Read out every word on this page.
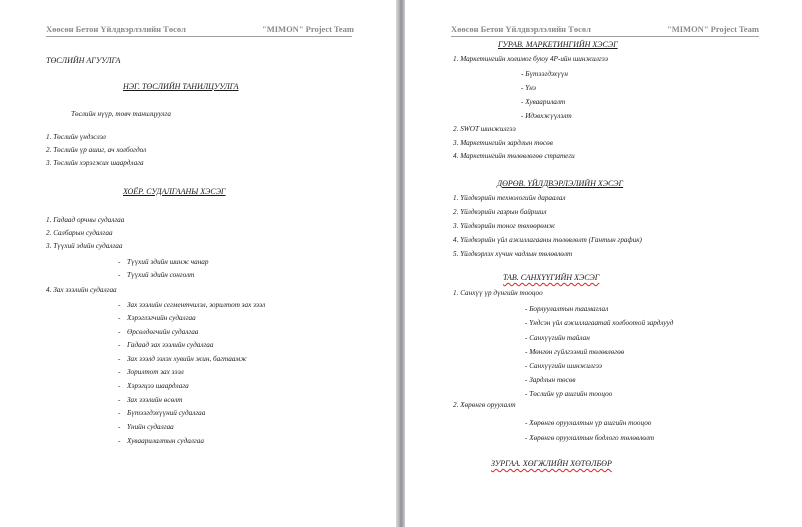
Хөөсөн Бетон Үйлдвэрлэлийн Төсөл	"MIMON" Project Team
ТӨСЛИЙН АГУУЛГА
НЭГ. ТӨСЛИЙН ТАНИЛЦУУЛГА
Төслийн нүүр, товч танилцуулга
1. Төслийн үндэслэл
2. Төслийн үр ашиг, ач холбогдол
3. Төслийн хэрэгжих шаардлага
ХОЁР. СУДАЛГААНЫ ХЭСЭГ
1. Гадаад орчны судалгаа
2. Салбарын судалгаа
3. Түүхий эдийн судалгаа
- Түүхий эдийн шинж чанар
- Түүхий эдийн сонголт
4. Зах зээлийн судалгаа
- Зах зээлийн сегментчилэл, зорилтот зах зээл
- Хэрэглэгчийн судалгаа
- Өрсөлдөгчийн судалгаа
- Гадаад зах зээлийн судалгаа
- Зах зээлд эзлэх хувийн жин, багтаамж
- Зорилтот зах зээл
- Хэрэгцээ шаардлага
- Зах зээлийн өсөлт
- Бүтээгдэхүүний судалгаа
- Үнийн судалгаа
- Хуваарилалтын судалгаа
Хөөсөн Бетон Үйлдвэрлэлийн Төсөл	"MIMON" Project Team
ГУРАВ. МАРКЕТИНГИЙН ХЭСЭГ
1. Маркетингийн холимог буюу 4P-ийн шинжилгээ
- Бүтээгдэхүүн
- Үнэ
- Хуваарилалт
- Идэвхжүүлэлт
2. SWOT шинжилгээ
3. Маркетингийн зардлын төсөв
4. Маркетингийн төлөвлөгөө стратеги
ДӨРӨВ. ҮЙЛДВЭРЛЭЛИЙН ХЭСЭГ
1. Үйлдвэрийн технологийн дараалал
2. Үйлдвэрийн газрын байршил
3. Үйлдвэрийн тоног төхөөрөмж
4. Үйлдвэрийн үйл ажиллагааны төлөвлөлт (Гантын график)
5. Үйлдвэрлэх хүчин чадлын төлөвлөлт
ТАВ. САНХҮҮГИЙН ХЭСЭГ
1. Санхүү үр дүнгийн тооцоо
- Борлуулалтын таамаглал
- Үндсэн үйл ажиллагаатай холбоотой зардлууд
- Санхүүгийн тайлан
- Мөнгөн гүйлгээний төлөвлөгөө
- Санхүүгийн шинжилгээ
- Зардлын төсөв
- Төслийн үр ашгийн тооцоо
2. Хөрөнгө оруулалт
- Хөрөнгө оруулалтын үр ашгийн тооцоо
- Хөрөнгө оруулалтын бодлого төлөвлөлт
ЗУРГАА. ХӨГЖЛИЙН ХӨТӨЛБӨР
